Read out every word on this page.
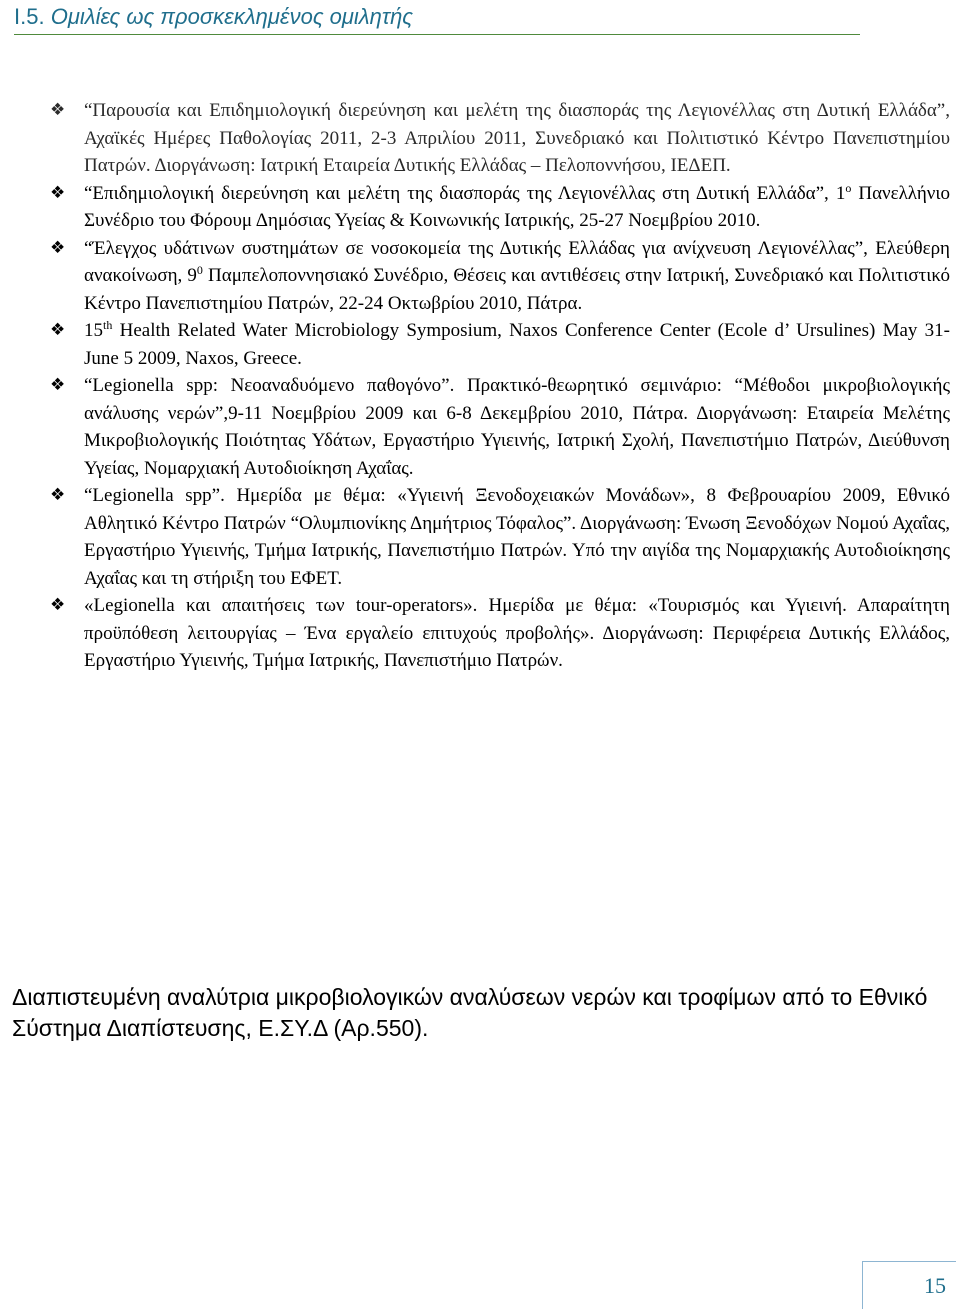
I.5. Ομιλίες ως προσκεκλημένος ομιλητής
❖ “Παρουσία και Επιδημιολογική διερεύνηση και μελέτη της διασποράς της Λεγιονέλλας στη Δυτική Ελλάδα”, Αχαϊκές Ημέρες Παθολογίας 2011, 2-3 Απριλίου 2011, Συνεδριακό και Πολιτιστικό Κέντρο Πανεπιστημίου Πατρών. Διοργάνωση: Ιατρική Εταιρεία Δυτικής Ελλάδας – Πελοποννήσου, ΙΕΔΕΠ.
❖ “Επιδημιολογική διερεύνηση και μελέτη της διασποράς της Λεγιονέλλας στη Δυτική Ελλάδα”, $1^o$ Πανελλήνιο Συνέδριο του Φόρουμ Δημόσιας Υγείας & Κοινωνικής Ιατρικής, 25-27 Νοεμβρίου 2010.
❖ “Έλεγχος υδάτινων συστημάτων σε νοσοκομεία της Δυτικής Ελλάδας για ανίχνευση Λεγιονέλλας”, Ελεύθερη ανακοίνωση, $9^0$ Παμπελοποννησιακό Συνέδριο, Θέσεις και αντιθέσεις στην Ιατρική, Συνεδριακό και Πολιτιστικό Κέντρο Πανεπιστημίου Πατρών, 22-24 Οκτωβρίου 2010, Πάτρα.
❖ 15th Health Related Water Microbiology Symposium, Naxos Conference Center (Ecole d’ Ursulines) May 31- June 5 2009, Naxos, Greece.
❖ “Legionella spp: Νεοαναδυόμενο παθογόνο”. Πρακτικό-θεωρητικό σεμινάριο: “Μέθοδοι μικροβιολογικής ανάλυσης νερών”,9-11 Νοεμβρίου 2009 και 6-8 Δεκεμβρίου 2010, Πάτρα. Διοργάνωση: Εταιρεία Μελέτης Μικροβιολογικής Ποιότητας Υδάτων, Εργαστήριο Υγιεινής, Ιατρική Σχολή, Πανεπιστήμιο Πατρών, Διεύθυνση Υγείας, Νομαρχιακή Αυτοδιοίκηση Αχαΐας.
❖ “Legionella spp”. Ημερίδα με θέμα: «Υγιεινή Ξενοδοχειακών Μονάδων», 8 Φεβρουαρίου 2009, Εθνικό Αθλητικό Κέντρο Πατρών “Ολυμπιονίκης Δημήτριος Τόφαλος”. Διοργάνωση: Ένωση Ξενοδόχων Νομού Αχαΐας, Εργαστήριο Υγιεινής, Τμήμα Ιατρικής, Πανεπιστήμιο Πατρών. Υπό την αιγίδα της Νομαρχιακής Αυτοδιοίκησης Αχαΐας και τη στήριξη του ΕΦΕΤ.
❖ «Legionella και απαιτήσεις των tour-operators». Ημερίδα με θέμα: «Τουρισμός και Υγιεινή. Απαραίτητη προϋπόθεση λειτουργίας – Ένα εργαλείο επιτυχούς προβολής». Διοργάνωση: Περιφέρεια Δυτικής Ελλάδος, Εργαστήριο Υγιεινής, Τμήμα Ιατρικής, Πανεπιστήμιο Πατρών.

Διαπιστευμένη αναλύτρια μικροβιολογικών αναλύσεων νερών και τροφίμων από το Εθνικό Σύστημα Διαπίστευσης, Ε.ΣΥ.Δ (Αρ.550).

15
